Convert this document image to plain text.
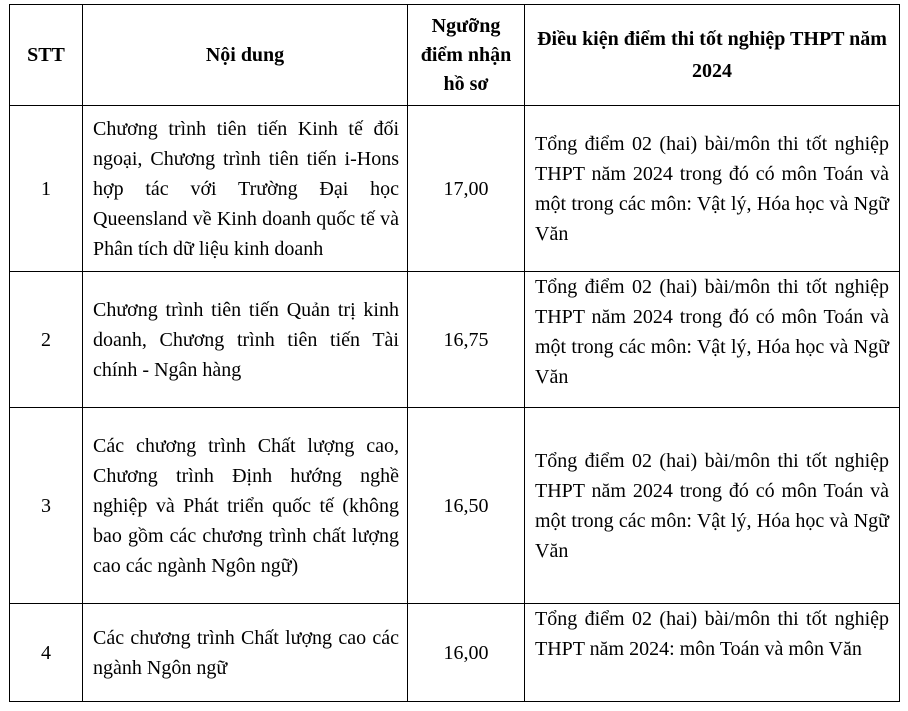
STT	Nội dung	Ngưỡng điểm nhận hồ sơ	Điều kiện điểm thi tốt nghiệp THPT năm 2024
1	Chương trình tiên tiến Kinh tế đối ngoại, Chương trình tiên tiến i-Hons hợp tác với Trường Đại học Queensland về Kinh doanh quốc tế và Phân tích dữ liệu kinh doanh	17,00	Tổng điểm 02 (hai) bài/môn thi tốt nghiệp THPT năm 2024 trong đó có môn Toán và một trong các môn: Vật lý, Hóa học và Ngữ Văn
2	Chương trình tiên tiến Quản trị kinh doanh, Chương trình tiên tiến Tài chính - Ngân hàng	16,75	Tổng điểm 02 (hai) bài/môn thi tốt nghiệp THPT năm 2024 trong đó có môn Toán và một trong các môn: Vật lý, Hóa học và Ngữ Văn
3	Các chương trình Chất lượng cao, Chương trình Định hướng nghề nghiệp và Phát triển quốc tế (không bao gồm các chương trình chất lượng cao các ngành Ngôn ngữ)	16,50	Tổng điểm 02 (hai) bài/môn thi tốt nghiệp THPT năm 2024 trong đó có môn Toán và một trong các môn: Vật lý, Hóa học và Ngữ Văn
4	Các chương trình Chất lượng cao các ngành Ngôn ngữ	16,00	Tổng điểm 02 (hai) bài/môn thi tốt nghiệp THPT năm 2024: môn Toán và môn Văn
